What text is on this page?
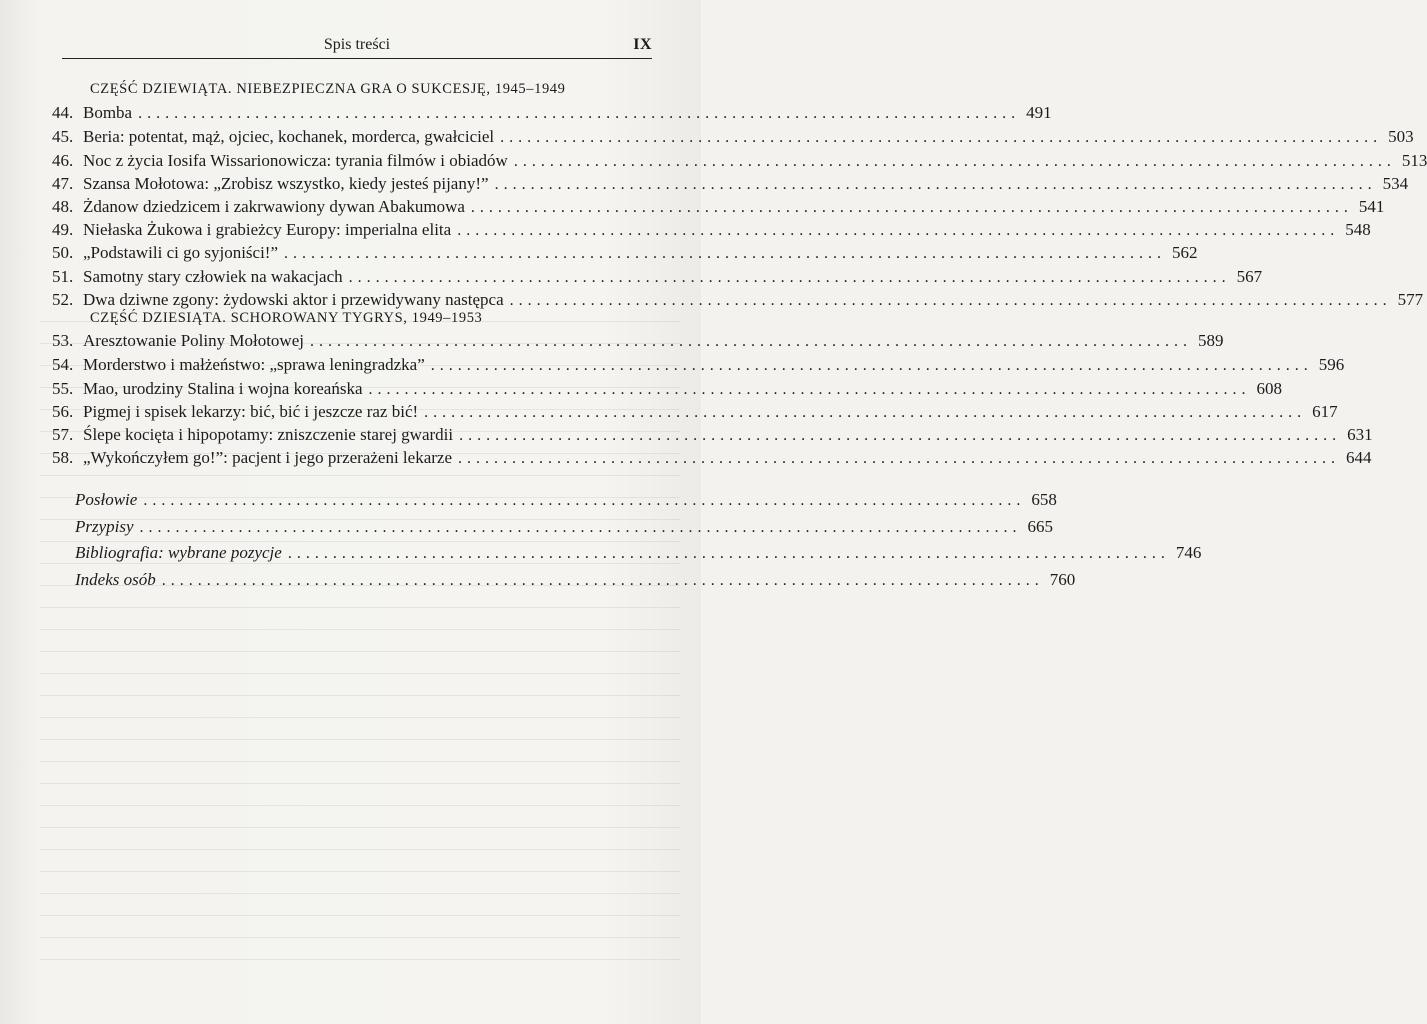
Spis treści	IX
CZĘŚĆ DZIEWIĄTA. NIEBEZPIECZNA GRA O SUKCESJĘ, 1945–1949
44. Bomba .................................................................................................. 491
45. Beria: potentat, mąż, ojciec, kochanek, morderca, gwałciciel .................................................................................................. 503
46. Noc z życia Iosifa Wissarionowicza: tyrania filmów i obiadów .................................................................................................. 513
47. Szansa Mołotowa: „Zrobisz wszystko, kiedy jesteś pijany!” .................................................................................................. 534
48. Żdanow dziedzicem i zakrwawiony dywan Abakumowa .................................................................................................. 541
49. Niełaska Żukowa i grabieżcy Europy: imperialna elita .................................................................................................. 548
50. „Podstawili ci go syjoniści!” .................................................................................................. 562
51. Samotny stary człowiek na wakacjach .................................................................................................. 567
52. Dwa dziwne zgony: żydowski aktor i przewidywany następca .................................................................................................. 577
CZĘŚĆ DZIESIĄTA. SCHOROWANY TYGRYS, 1949–1953
53. Aresztowanie Poliny Mołotowej .................................................................................................. 589
54. Morderstwo i małżeństwo: „sprawa leningradzka” .................................................................................................. 596
55. Mao, urodziny Stalina i wojna koreańska .................................................................................................. 608
56. Pigmej i spisek lekarzy: bić, bić i jeszcze raz bić! .................................................................................................. 617
57. Ślepe kocięta i hipopotamy: zniszczenie starej gwardii .................................................................................................. 631
58. „Wykończyłem go!”: pacjent i jego przerażeni lekarze .................................................................................................. 644
Posłowie .................................................................................................. 658
Przypisy .................................................................................................. 665
Bibliografia: wybrane pozycje .................................................................................................. 746
Indeks osób .................................................................................................. 760
